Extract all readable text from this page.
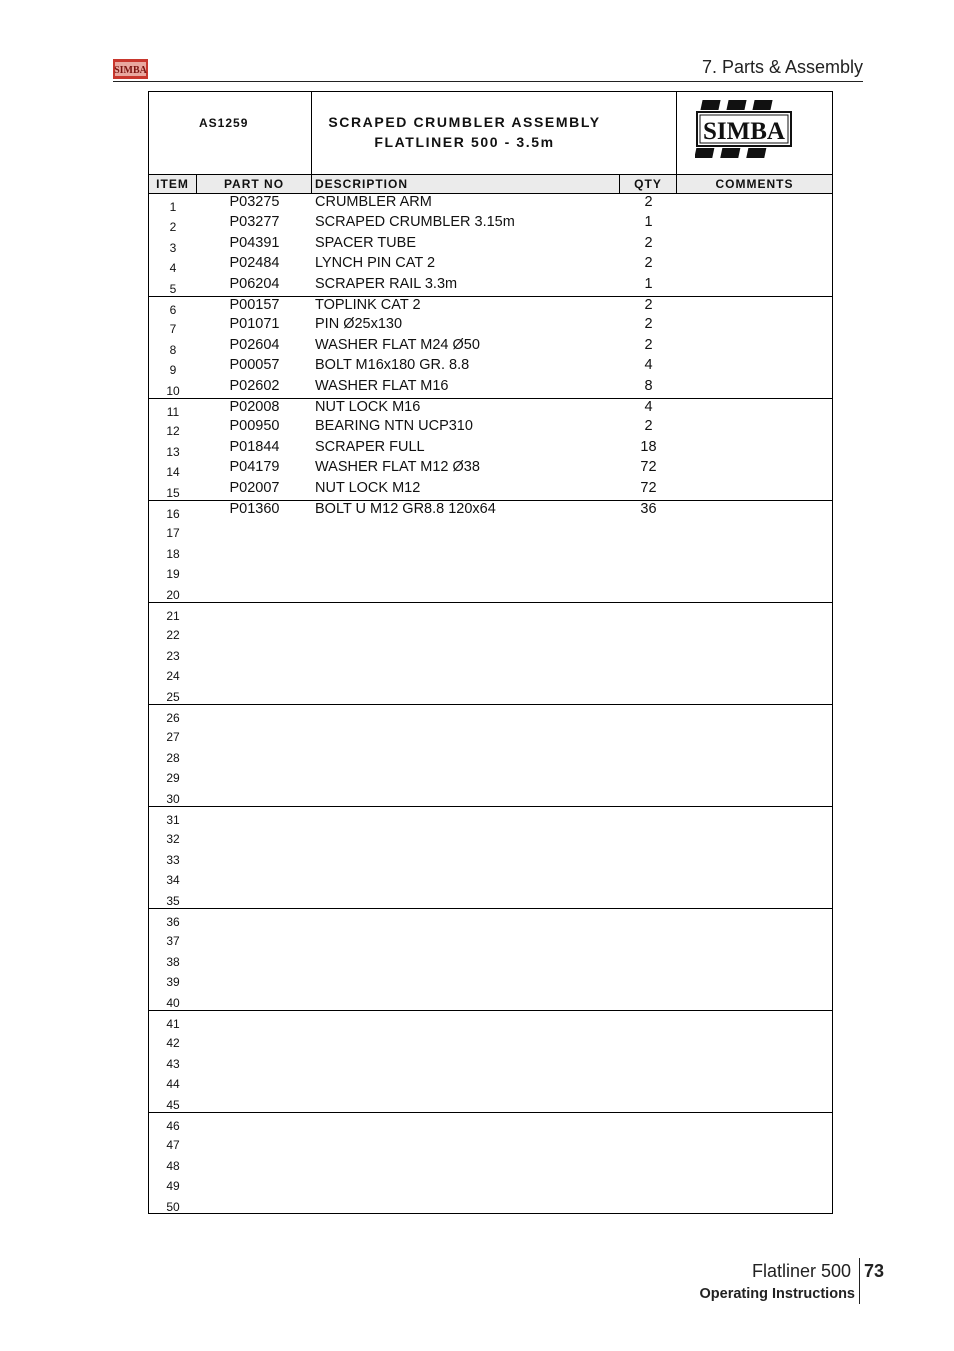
SIMBA	7. Parts & Assembly
AS1259	SCRAPED CRUMBLER ASSEMBLY
FLATLINER 500 - 3.5m	SIMBA
ITEM	PART NO	DESCRIPTION	QTY	COMMENTS
1	P03275	CRUMBLER ARM	2
2	P03277	SCRAPED CRUMBLER 3.15m	1
3	P04391	SPACER TUBE	2
4	P02484	LYNCH PIN CAT 2	2
5	P06204	SCRAPER RAIL 3.3m	1
6	P00157	TOPLINK CAT 2	2
7	P01071	PIN Ø25x130	2
8	P02604	WASHER FLAT M24 Ø50	2
9	P00057	BOLT M16x180 GR. 8.8	4
10	P02602	WASHER FLAT M16	8
11	P02008	NUT LOCK M16	4
12	P00950	BEARING NTN UCP310	2
13	P01844	SCRAPER FULL	18
14	P04179	WASHER FLAT M12 Ø38	72
15	P02007	NUT LOCK M12	72
16	P01360	BOLT U M12 GR8.8 120x64	36
17
18
19
20
21
22
23
24
25
26
27
28
29
30
31
32
33
34
35
36
37
38
39
40
41
42
43
44
45
46
47
48
49
50
Flatliner 500 73
Operating Instructions
